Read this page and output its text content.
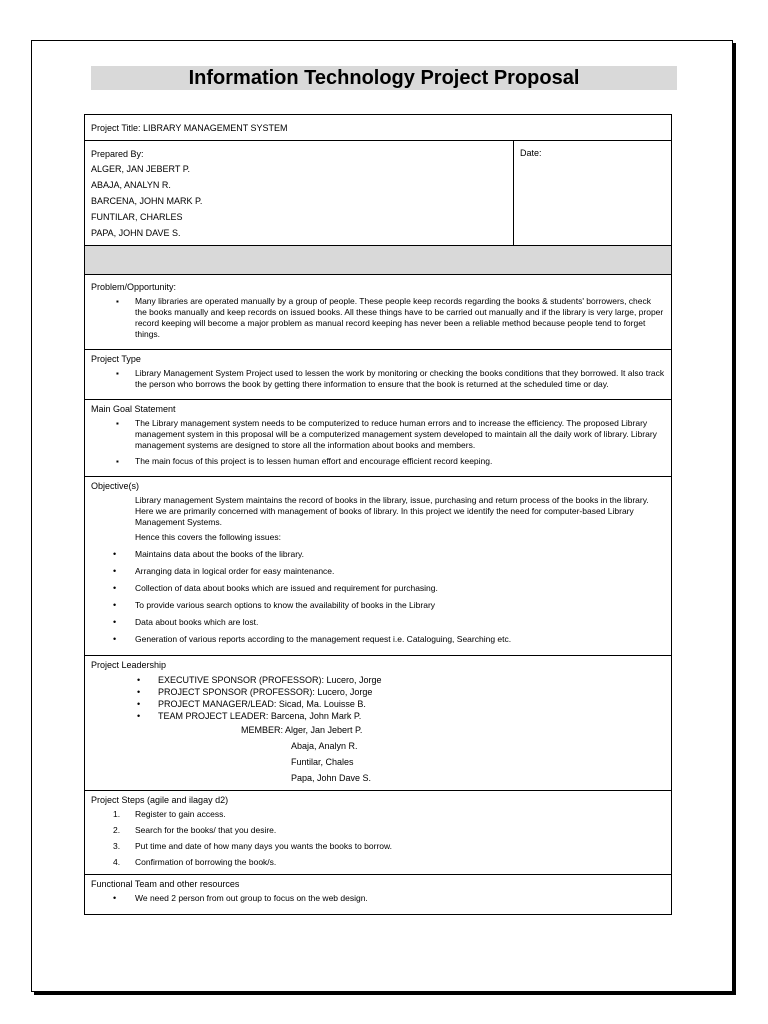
Information Technology Project Proposal
Project Title: LIBRARY MANAGEMENT SYSTEM
Prepared By:
ALGER, JAN JEBERT P.
ABAJA, ANALYN R.
BARCENA, JOHN MARK P.
FUNTILAR, CHARLES
PAPA, JOHN DAVE S.
Date:
Problem/Opportunity:
▪ Many libraries are operated manually by a group of people. These people keep records regarding the books & students' borrowers, check the books manually and keep records on issued books. All these things have to be carried out manually and if the library is very large, proper record keeping will become a major problem as manual record keeping has never been a reliable method because people tend to forget things.
Project Type
▪ Library Management System Project used to lessen the work by monitoring or checking the books conditions that they borrowed. It also track the person who borrows the book by getting there information to ensure that the book is returned at the scheduled time or day.
Main Goal Statement
▪ The Library management system needs to be computerized to reduce human errors and to increase the efficiency. The proposed Library management system in this proposal will be a computerized management system developed to maintain all the daily work of library. Library management systems are designed to store all the information about books and members.
▪ The main focus of this project is to lessen human effort and encourage efficient record keeping.
Objective(s)
Library management System maintains the record of books in the library, issue, purchasing and return process of the books in the library. Here we are primarily concerned with management of books of library. In this project we identify the need for computer-based Library Management Systems.
Hence this covers the following issues:
• Maintains data about the books of the library.
• Arranging data in logical order for easy maintenance.
• Collection of data about books which are issued and requirement for purchasing.
• To provide various search options to know the availability of books in the Library
• Data about books which are lost.
• Generation of various reports according to the management request i.e. Cataloguing, Searching etc.
Project Leadership
• EXECUTIVE SPONSOR (PROFESSOR): Lucero, Jorge
• PROJECT SPONSOR (PROFESSOR): Lucero, Jorge
• PROJECT MANAGER/LEAD: Sicad, Ma. Louisse B.
• TEAM PROJECT LEADER: Barcena, John Mark P.
MEMBER: Alger, Jan Jebert P.
Abaja, Analyn R.
Funtilar, Chales
Papa, John Dave S.
Project Steps (agile and ilagay d2)
1. Register to gain access.
2. Search for the books/ that you desire.
3. Put time and date of how many days you wants the books to borrow.
4. Confirmation of borrowing the book/s.
Functional Team and other resources
• We need 2 person from out group to focus on the web design.
